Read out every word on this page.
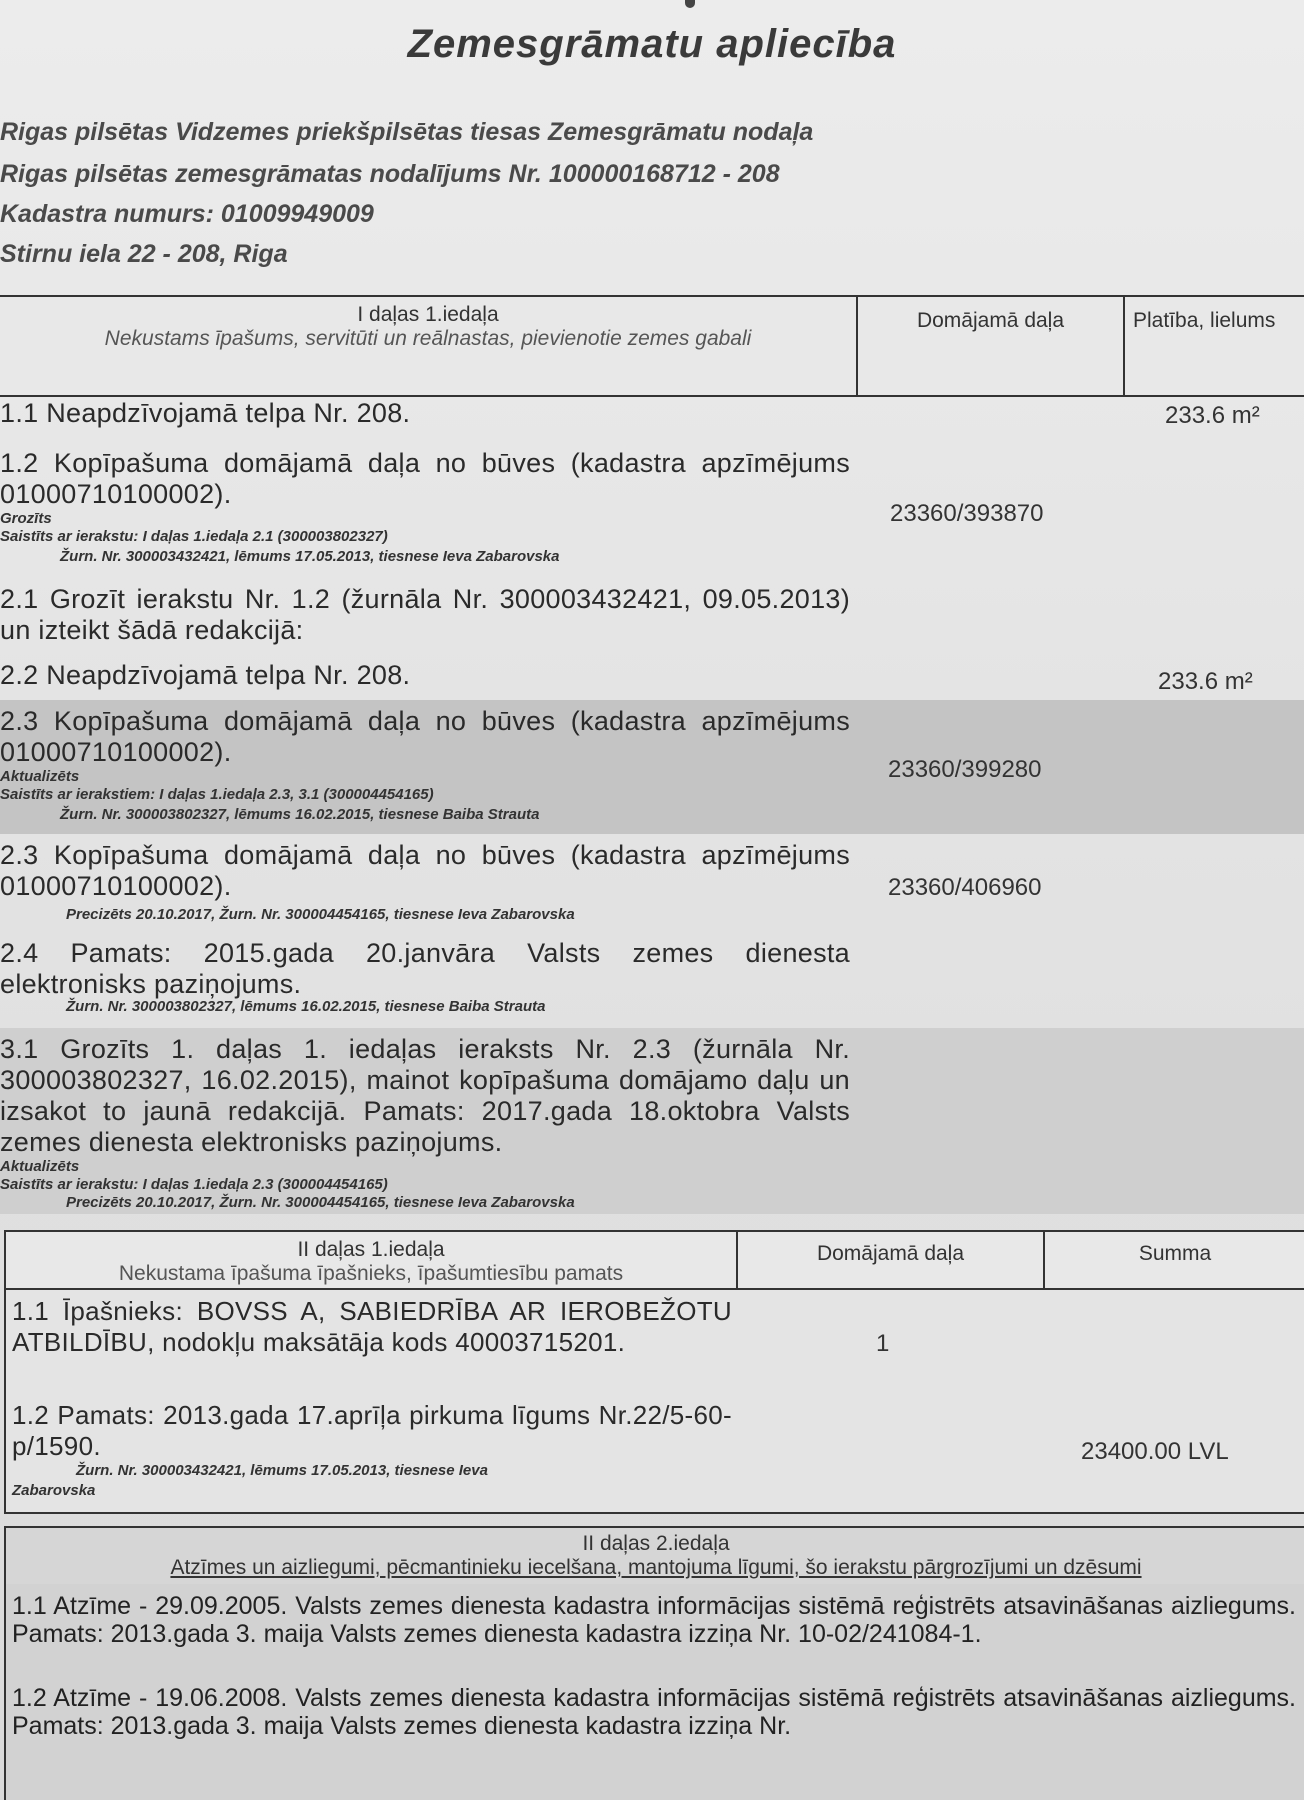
Zemesgrāmatu apliecība
Rigas pilsētas Vidzemes priekšpilsētas tiesas Zemesgrāmatu nodaļa
Rigas pilsētas zemesgrāmatas nodalījums Nr. 100000168712 - 208
Kadastra numurs: 01009949009
Stirnu iela 22 - 208, Riga
I daļas 1.iedaļa
Nekustams īpašums, servitūti un reālnastas, pievienotie zemes gabali
Domājamā daļa	Platība, lielums
1.1 Neapdzīvojamā telpa Nr. 208.	233.6 m²
1.2 Kopīpašuma domājamā daļa no būves (kadastra apzīmējums 01000710100002).
Grozīts
Saistīts ar ierakstu: I daļas 1.iedaļa 2.1 (300003802327)
Žurn. Nr. 300003432421, lēmums 17.05.2013, tiesnese Ieva Zabarovska
23360/393870
2.1 Grozīt ierakstu Nr. 1.2 (žurnāla Nr. 300003432421, 09.05.2013) un izteikt šādā redakcijā:
2.2 Neapdzīvojamā telpa Nr. 208.	233.6 m²
2.3 Kopīpašuma domājamā daļa no būves (kadastra apzīmējums 01000710100002).
Aktualizēts
Saistīts ar ierakstiem: I daļas 1.iedaļa 2.3, 3.1 (300004454165)
Žurn. Nr. 300003802327, lēmums 16.02.2015, tiesnese Baiba Strauta
23360/399280
2.3 Kopīpašuma domājamā daļa no būves (kadastra apzīmējums 01000710100002).
Precizēts 20.10.2017, Žurn. Nr. 300004454165, tiesnese Ieva Zabarovska
23360/406960
2.4 Pamats: 2015.gada 20.janvāra Valsts zemes dienesta elektronisks paziņojums.
Žurn. Nr. 300003802327, lēmums 16.02.2015, tiesnese Baiba Strauta
3.1 Grozīts 1. daļas 1. iedaļas ieraksts Nr. 2.3 (žurnāla Nr. 300003802327, 16.02.2015), mainot kopīpašuma domājamo daļu un izsakot to jaunā redakcijā. Pamats: 2017.gada 18.oktobra Valsts zemes dienesta elektronisks paziņojums.
Aktualizēts
Saistīts ar ierakstu: I daļas 1.iedaļa 2.3 (300004454165)
Precizēts 20.10.2017, Žurn. Nr. 300004454165, tiesnese Ieva Zabarovska
II daļas 1.iedaļa
Nekustama īpašuma īpašnieks, īpašumtiesību pamats
Domājamā daļa	Summa
1.1 Īpašnieks: BOVSS A, SABIEDRĪBA AR IEROBEŽOTU ATBILDĪBU, nodokļu maksātāja kods 40003715201.	1
1.2 Pamats: 2013.gada 17.aprīļa pirkuma līgums Nr.22/5-60-p/1590.
Žurn. Nr. 300003432421, lēmums 17.05.2013, tiesnese Ieva
Zabarovska
23400.00 LVL
II daļas 2.iedaļa
Atzīmes un aizliegumi, pēcmantinieku iecelšana, mantojuma līgumi, šo ierakstu pārgrozījumi un dzēsumi
1.1 Atzīme - 29.09.2005. Valsts zemes dienesta kadastra informācijas sistēmā reģistrēts atsavināšanas aizliegums. Pamats: 2013.gada 3. maija Valsts zemes dienesta kadastra izziņa Nr. 10-02/241084-1.
1.2 Atzīme - 19.06.2008. Valsts zemes dienesta kadastra informācijas sistēmā reģistrēts atsavināšanas aizliegums. Pamats: 2013.gada 3. maija Valsts zemes dienesta kadastra izziņa Nr.
